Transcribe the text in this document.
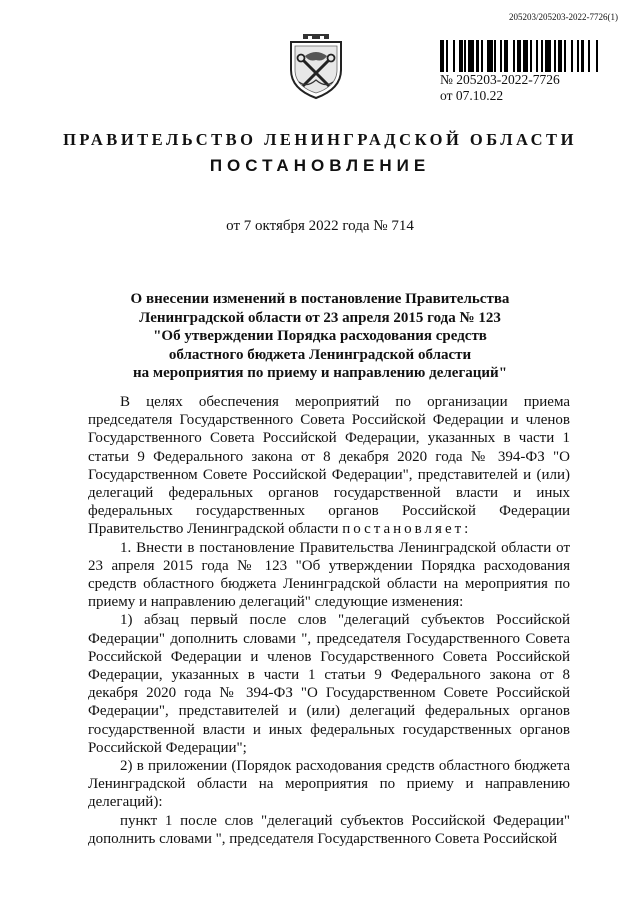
205203/205203-2022-7726(1)
№ 205203-2022-7726
от 07.10.22
ПРАВИТЕЛЬСТВО ЛЕНИНГРАДСКОЙ ОБЛАСТИ
ПОСТАНОВЛЕНИЕ
от 7 октября 2022 года № 714
О внесении изменений в постановление Правительства
Ленинградской области от 23 апреля 2015 года № 123
"Об утверждении Порядка расходования средств
областного бюджета Ленинградской области
на мероприятия по приему и направлению делегаций"

В целях обеспечения мероприятий по организации приема председателя Государственного Совета Российской Федерации и членов Государственного Совета Российской Федерации, указанных в части 1 статьи 9 Федерального закона от 8 декабря 2020 года № 394-ФЗ "О Государственном Совете Российской Федерации", представителей и (или) делегаций федеральных органов государственной власти и иных федеральных государственных органов Российской Федерации Правительство Ленинградской области постановляет:

1. Внести в постановление Правительства Ленинградской области от 23 апреля 2015 года № 123 "Об утверждении Порядка расходования средств областного бюджета Ленинградской области на мероприятия по приему и направлению делегаций" следующие изменения:

1) абзац первый после слов "делегаций субъектов Российской Федерации" дополнить словами ", председателя Государственного Совета Российской Федерации и членов Государственного Совета Российской Федерации, указанных в части 1 статьи 9 Федерального закона от 8 декабря 2020 года № 394-ФЗ "О Государственном Совете Российской Федерации", представителей и (или) делегаций федеральных органов государственной власти и иных федеральных государственных органов Российской Федерации";

2) в приложении (Порядок расходования средств областного бюджета Ленинградской области на мероприятия по приему и направлению делегаций):

пункт 1 после слов "делегаций субъектов Российской Федерации" дополнить словами ", председателя Государственного Совета Российской
